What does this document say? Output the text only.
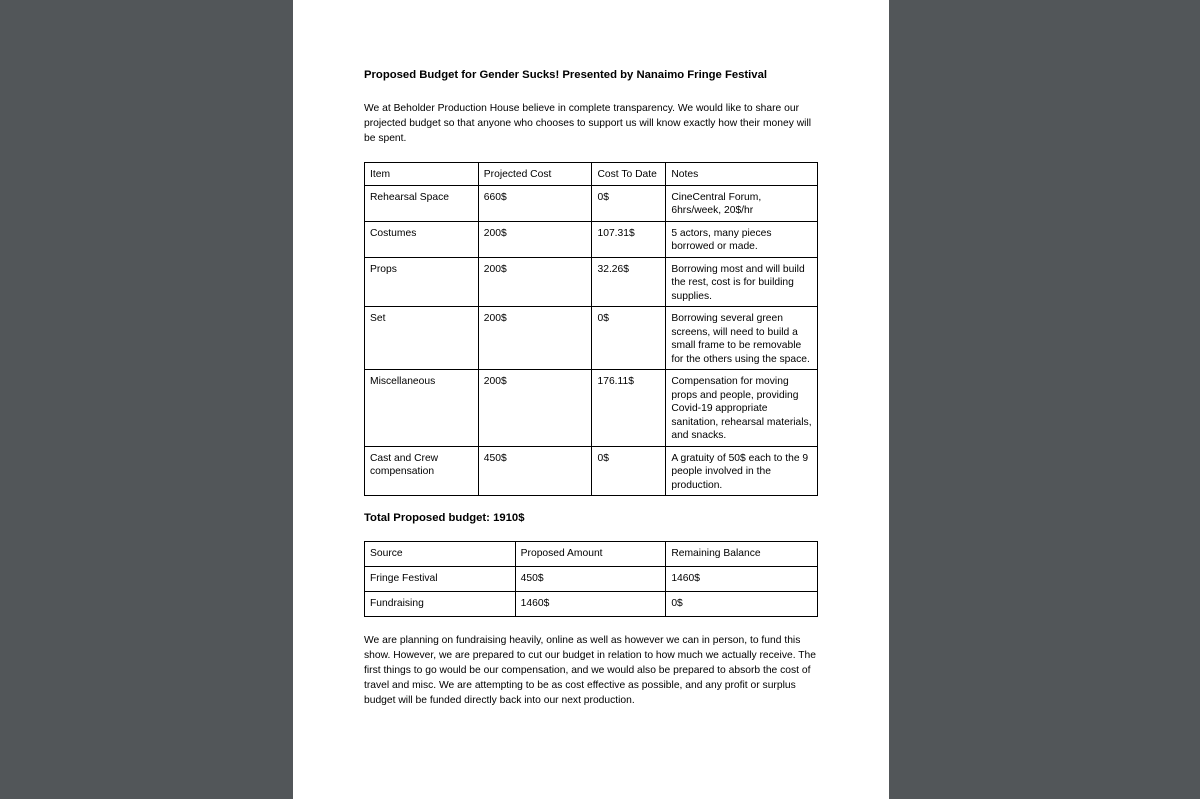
Proposed Budget for Gender Sucks! Presented by Nanaimo Fringe Festival

We at Beholder Production House believe in complete transparency. We would like to share our projected budget so that anyone who chooses to support us will know exactly how their money will be spent.

Item	Projected Cost	Cost To Date	Notes
Rehearsal Space	660$	0$	CineCentral Forum, 6hrs/week, 20$/hr
Costumes	200$	107.31$	5 actors, many pieces borrowed or made.
Props	200$	32.26$	Borrowing most and will build the rest, cost is for building supplies.
Set	200$	0$	Borrowing several green screens, will need to build a small frame to be removable for the others using the space.
Miscellaneous	200$	176.11$	Compensation for moving props and people, providing Covid-19 appropriate sanitation, rehearsal materials, and snacks.
Cast and Crew compensation	450$	0$	A gratuity of 50$ each to the 9 people involved in the production.
Total Proposed budget: 1910$
Source	Proposed Amount	Remaining Balance
Fringe Festival	450$	1460$
Fundraising	1460$	0$

We are planning on fundraising heavily, online as well as however we can in person, to fund this show. However, we are prepared to cut our budget in relation to how much we actually receive. The first things to go would be our compensation, and we would also be prepared to absorb the cost of travel and misc. We are attempting to be as cost effective as possible, and any profit or surplus budget will be funded directly back into our next production.
